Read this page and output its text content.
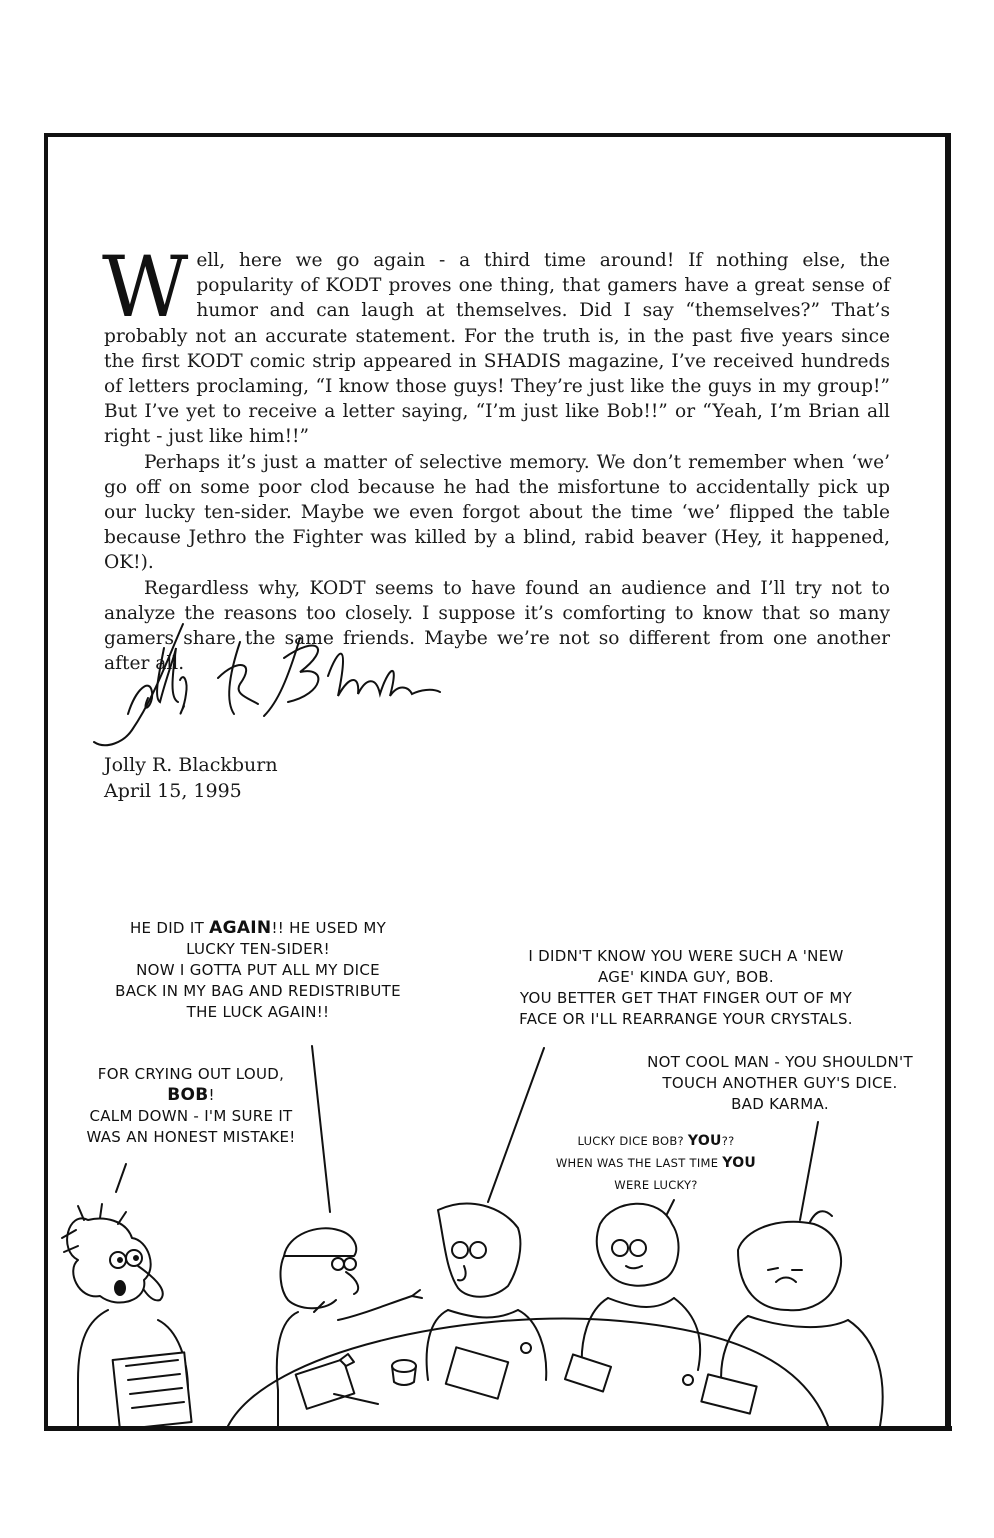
Well, here we go again - a third time around! If nothing else, the popularity of KODT proves one thing, that gamers have a great sense of humor and can laugh at themselves. Did I say “themselves?” That’s probably not an accurate statement. For the truth is, in the past five years since the first KODT comic strip appeared in SHADIS magazine, I’ve received hundreds of letters proclaming, “I know those guys! They’re just like the guys in my group!” But I’ve yet to receive a letter saying, “I’m just like Bob!!” or “Yeah, I’m Brian all right - just like him!!”

Perhaps it’s just a matter of selective memory. We don’t remember when ‘we’ go off on some poor clod because he had the misfortune to accidentally pick up our lucky ten-sider. Maybe we even forgot about the time ‘we’ flipped the table because Jethro the Fighter was killed by a blind, rabid beaver (Hey, it happened, OK!).

Regardless why, KODT seems to have found an audience and I’ll try not to analyze the reasons too closely. I suppose it’s comforting to know that so many gamers share the same friends. Maybe we’re not so different from one another after all.

Jolly R. Blackburn
April 15, 1995
HE DID IT AGAIN!! HE USED MY
LUCKY TEN-SIDER!
NOW I GOTTA PUT ALL MY DICE
BACK IN MY BAG AND REDISTRIBUTE
THE LUCK AGAIN!!
FOR CRYING OUT LOUD,
BOB!
CALM DOWN - I'M SURE IT
WAS AN HONEST MISTAKE!
I DIDN'T KNOW YOU WERE SUCH A 'NEW
AGE' KINDA GUY, BOB.
YOU BETTER GET THAT FINGER OUT OF MY
FACE OR I'LL REARRANGE YOUR CRYSTALS.
NOT COOL MAN - YOU SHOULDN'T
TOUCH ANOTHER GUY'S DICE.
BAD KARMA.
LUCKY DICE BOB? YOU??
WHEN WAS THE LAST TIME YOU
WERE LUCKY?
